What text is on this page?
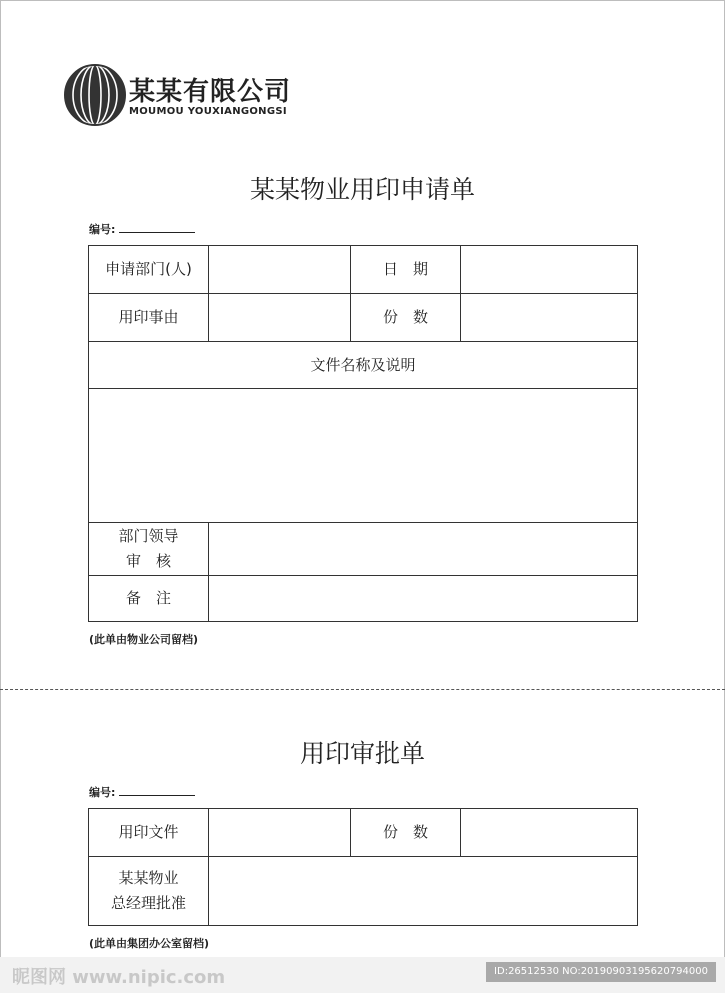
某某有限公司
MOUMOU YOUXIANGONGSI
某某物业用印申请单
编号:
申请部门(人)		日　期	
用印事由		份　数	
文件名称及说明			

部门领导
审　核			

备　注			
(此单由物业公司留档)
用印审批单
编号:
用印文件		份　数	

某某物业
总经理批准			

(此单由集团办公室留档)
昵图网 www.nipic.com	ID:26512530 NO:20190903195620794000
